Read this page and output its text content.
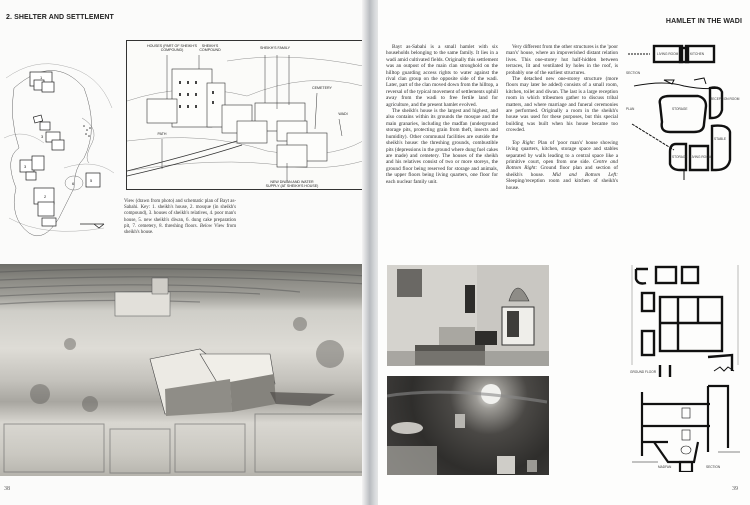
2. SHELTER AND SETTLEMENT
1
3
3
2
5
6
HOUSES (PART OF SHEIKH'S COMPOUND)
SHEIKH'S COMPOUND	SHEIKH'S FAMILY
CEMETERY
WADI
PATH
NEW DIWAN AND WATER SUPPLY (AT SHEIKH'S HOUSE)
View (drawn from photo) and schematic plan of Bayt as-Sabahi. Key: 1. sheikh's house, 2. mosque (in sheikh's compound), 3. houses of sheikh's relatives, 4. poor man's house, 5. new sheikh's diwan, 6. dung cake preparation pit, 7. cemetery, 8. threshing floors. Below View from sheikh's house.
38
HAMLET IN THE WADI
39

Bayt as-Sabahi is a small hamlet with six households belonging to the same family. It lies in a wadi amid cultivated fields. Originally this settlement was an outpost of the main clan stronghold on the hilltop guarding access rights to water against the rival clan group on the opposite side of the wadi. Later, part of the clan moved down from the hilltop, a reversal of the typical movement of settlements uphill away from the wadi to free fertile land for agriculture, and the present hamlet evolved.

The sheikh's house is the largest and highest, and also contains within its grounds the mosque and the main granaries, including the madfan (underground storage pits, protecting grain from theft, insects and humidity). Other communal facilities are outside the sheikh's house: the threshing grounds, combustible pits (depressions in the ground where dung fuel cakes are made) and cemetery. The houses of the sheikh and his relatives consist of two or more storeys, the ground floor being reserved for storage and animals, the upper floors being living quarters, one floor for each nuclear family unit.

Very different from the other structures is the 'poor man's' house, where an impoverished distant relation lives. This one-storey hut half-hidden between terraces, lit and ventilated by holes in the roof, is probably one of the earliest structures.

The detached new one-storey structure (more floors may later be added) consists of a small room, kitchen, toilet and diwan. The last is a large reception room in which tribesmen gather to discuss tribal matters, and where marriage and funeral ceremonies are performed. Originally a room in the sheikh's house was used for these purposes, but this special building was built when his house became too crowded.

Top Right: Plan of 'poor man's' house showing living quarters, kitchen, storage space and stables separated by walls leading to a central space like a primitive court, open from one side. Centre and Bottom Right: Ground floor plan and section of sheikh's house. Mid and Bottom Left: Sleeping/reception room and kitchen of sheikh's house.

SECTION
PLAN
LIVING ROOM	KITCHEN
STORAGE
RECEPTION ROOM
STABLE
LIVING ROOM
STORAGE
GROUND FLOOR
MADFAN	SECTION
